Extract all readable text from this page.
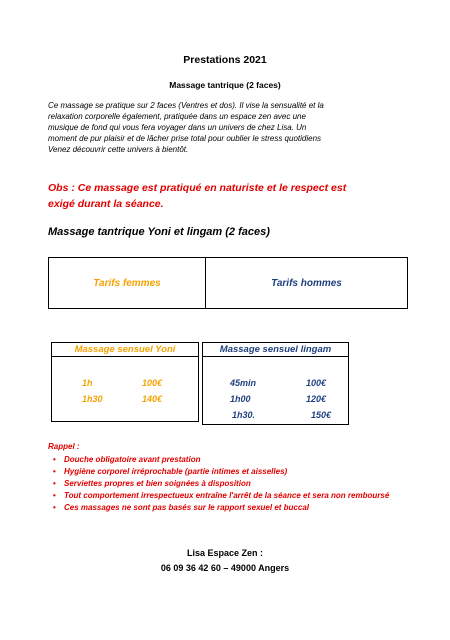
Prestations 2021
Massage tantrique (2 faces)
Ce massage se pratique sur 2 faces (Ventres et dos). Il vise la sensualité et la
relaxation corporelle également, pratiquée dans un espace zen avec une
musique de fond qui vous fera voyager dans un univers de chez Lisa. Un
moment de pur plaisir et de lâcher prise total pour oublier le stress quotidiens
Venez découvrir cette univers à bientôt.
Obs : Ce massage est pratiqué en naturiste et le respect est
exigé durant la séance.
Massage tantrique Yoni et lingam (2 faces)
Tarifs femmes	Tarifs hommes
Massage sensuel Yoni
1h	100€
1h30	140€
Massage sensuel lingam
45min	100€
1h00	120€
1h30.	150€
Rappel :
• Douche obligatoire avant prestation
• Hygiène corporel irréprochable (partie intimes et aisselles)
• Serviettes propres et bien soignées à disposition
• Tout comportement irrespectueux entraîne l'arrêt de la séance et sera non remboursé
• Ces massages ne sont pas basés sur le rapport sexuel et buccal
Lisa Espace Zen :
06 09 36 42 60 – 49000 Angers
